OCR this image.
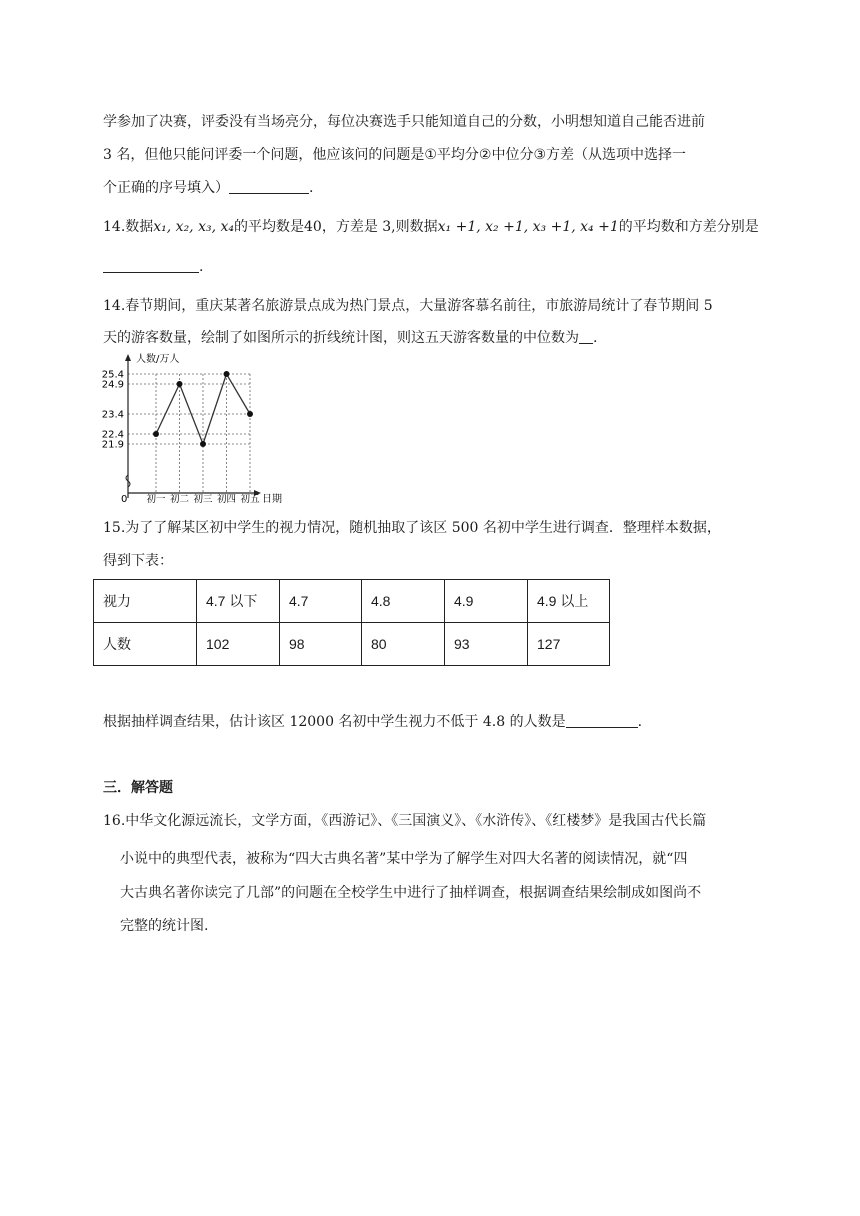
学参加了决赛，评委没有当场亮分，每位决赛选手只能知道自己的分数，小明想知道自己能否进前
3 名，但他只能问评委一个问题，他应该问的问题是①平均分②中位分③方差（从选项中选择一
个正确的序号填入）	.
14.数据x₁, x₂, x₃, x₄的平均数是40，方差是 3,则数据x₁ +1, x₂ +1, x₃ +1, x₄ +1的平均数和方差分别是
.
14.春节期间，重庆某著名旅游景点成为热门景点，大量游客慕名前往，市旅游局统计了春节期间 5
天的游客数量，绘制了如图所示的折线统计图，则这五天游客数量的中位数为 .
人数/万人
日期
0
25.4
24.9
23.4
22.4
21.9
初一 初二 初三 初四 初五
15.为了了解某区初中学生的视力情况，随机抽取了该区 500 名初中学生进行调查．整理样本数据，
得到下表：
视力	4.7 以下	4.7	4.8	4.9	4.9 以上
人数	102	98	80	93	127
根据抽样调查结果，估计该区 12000 名初中学生视力不低于 4.8 的人数是	.
三．解答题
16.中华文化源远流长，文学方面，《西游记》、《三国演义》、《水浒传》、《红楼梦》是我国古代长篇
小说中的典型代表，被称为“四大古典名著”某中学为了解学生对四大名著的阅读情况，就“四
大古典名著你读完了几部”的问题在全校学生中进行了抽样调查，根据调查结果绘制成如图尚不
完整的统计图.
